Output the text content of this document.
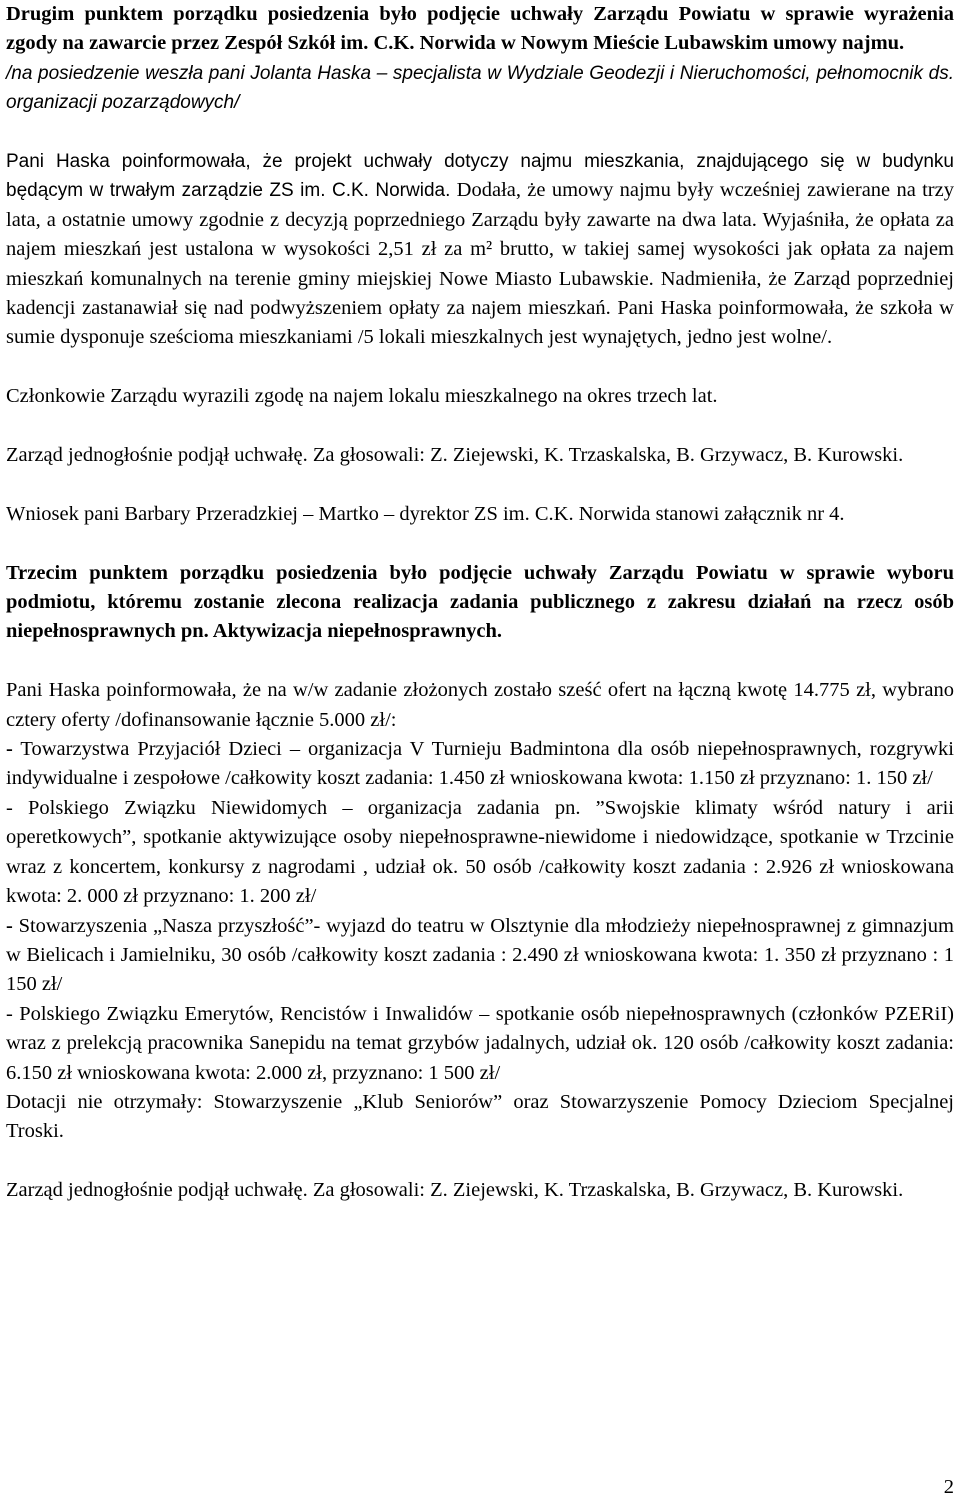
Drugim punktem porządku posiedzenia było podjęcie uchwały Zarządu Powiatu w sprawie wyrażenia zgody na zawarcie przez Zespół Szkół im. C.K. Norwida w Nowym Mieście Lubawskim umowy najmu.

/na posiedzenie weszła pani Jolanta Haska – specjalista w Wydziale Geodezji i Nieruchomości, pełnomocnik ds. organizacji pozarządowych/

Pani Haska poinformowała, że projekt uchwały dotyczy najmu mieszkania, znajdującego się w budynku będącym w trwałym zarządzie ZS im. C.K. Norwida. Dodała, że umowy najmu były wcześniej zawierane na trzy lata, a ostatnie umowy zgodnie z decyzją poprzedniego Zarządu były zawarte na dwa lata. Wyjaśniła, że opłata za najem mieszkań jest ustalona w wysokości 2,51 zł za m² brutto, w takiej samej wysokości jak opłata za najem mieszkań komunalnych na terenie gminy miejskiej Nowe Miasto Lubawskie. Nadmieniła, że Zarząd poprzedniej kadencji zastanawiał się nad podwyższeniem opłaty za najem mieszkań. Pani Haska poinformowała, że szkoła w sumie dysponuje sześcioma mieszkaniami /5 lokali mieszkalnych jest wynajętych, jedno jest wolne/.

Członkowie Zarządu wyrazili zgodę na najem lokalu mieszkalnego na okres trzech lat.

Zarząd jednogłośnie podjął uchwałę. Za głosowali: Z. Ziejewski, K. Trzaskalska, B. Grzywacz, B. Kurowski.

Wniosek pani Barbary Przeradzkiej – Martko – dyrektor ZS im. C.K. Norwida stanowi załącznik nr 4.

Trzecim punktem porządku posiedzenia było podjęcie uchwały Zarządu Powiatu w sprawie wyboru podmiotu, któremu zostanie zlecona realizacja zadania publicznego z zakresu działań na rzecz osób niepełnosprawnych pn. Aktywizacja niepełnosprawnych.

Pani Haska poinformowała, że na w/w zadanie złożonych zostało sześć ofert na łączną kwotę 14.775 zł, wybrano cztery oferty /dofinansowanie łącznie 5.000 zł/:

- Towarzystwa Przyjaciół Dzieci – organizacja V Turnieju Badmintona dla osób niepełnosprawnych, rozgrywki indywidualne i zespołowe /całkowity koszt zadania: 1.450 zł wnioskowana kwota: 1.150 zł przyznano: 1. 150 zł/

- Polskiego Związku Niewidomych – organizacja zadania pn. ”Swojskie klimaty wśród natury i arii operetkowych”, spotkanie aktywizujące osoby niepełnosprawne-niewidome i niedowidzące, spotkanie w Trzcinie wraz z koncertem, konkursy z nagrodami , udział ok. 50 osób /całkowity koszt zadania : 2.926 zł wnioskowana kwota: 2. 000 zł przyznano: 1. 200 zł/

- Stowarzyszenia „Nasza przyszłość”- wyjazd do teatru w Olsztynie dla młodzieży niepełnosprawnej z gimnazjum w Bielicach i Jamielniku, 30 osób /całkowity koszt zadania : 2.490 zł wnioskowana kwota: 1. 350 zł przyznano : 1 150 zł/

- Polskiego Związku Emerytów, Rencistów i Inwalidów – spotkanie osób niepełnosprawnych (członków PZERiI) wraz z prelekcją pracownika Sanepidu na temat grzybów jadalnych, udział ok. 120 osób /całkowity koszt zadania: 6.150 zł wnioskowana kwota: 2.000 zł, przyznano: 1 500 zł/

Dotacji nie otrzymały: Stowarzyszenie „Klub Seniorów” oraz Stowarzyszenie Pomocy Dzieciom Specjalnej Troski.

Zarząd jednogłośnie podjął uchwałę. Za głosowali: Z. Ziejewski, K. Trzaskalska, B. Grzywacz, B. Kurowski.

2
